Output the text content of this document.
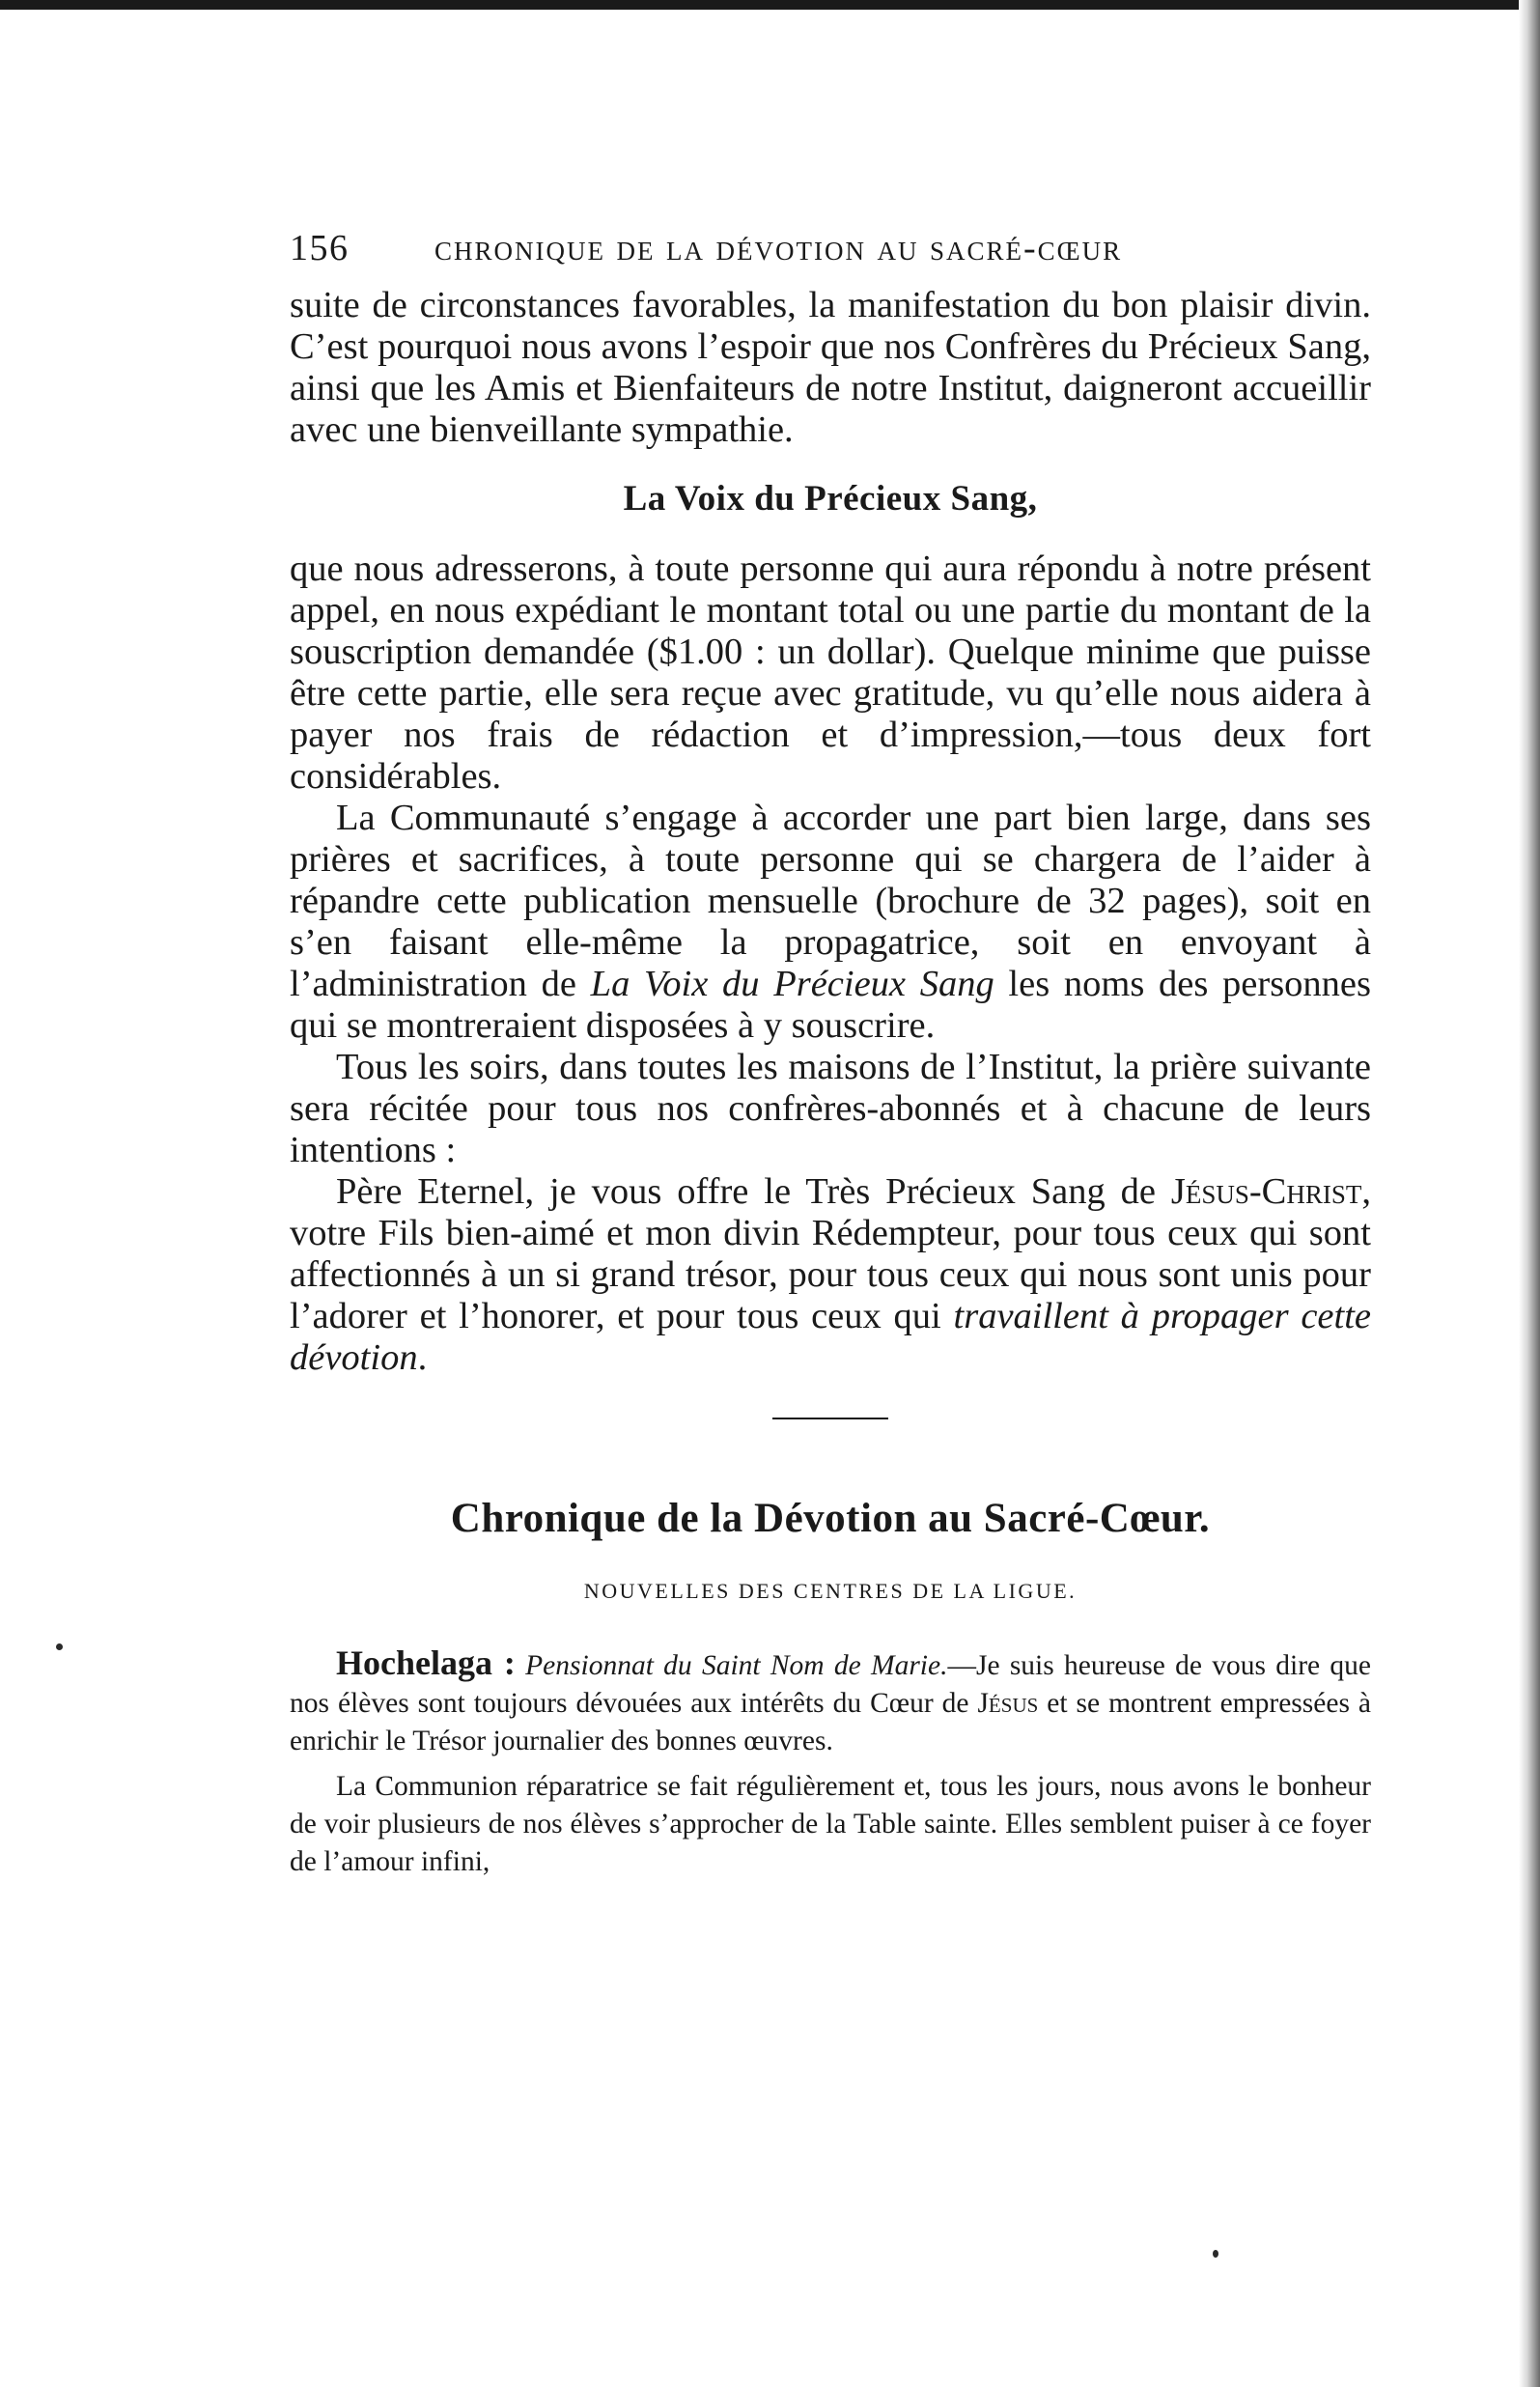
156	chronique de la dévotion au sacré-cœur

suite de circonstances favorables, la manifestation du bon plaisir divin. C’est pourquoi nous avons l’espoir que nos Confrères du Précieux Sang, ainsi que les Amis et Bienfaiteurs de notre Institut, daigneront accueillir avec une bienveillante sympathie.

La Voix du Précieux Sang,

que nous adresserons, à toute personne qui aura répondu à notre présent appel, en nous expédiant le montant total ou une partie du montant de la souscription demandée ($1.00 : un dollar). Quelque minime que puisse être cette partie, elle sera reçue avec gratitude, vu qu’elle nous aidera à payer nos frais de rédaction et d’impression,—tous deux fort considérables.

La Communauté s’engage à accorder une part bien large, dans ses prières et sacrifices, à toute personne qui se chargera de l’aider à répandre cette publication mensuelle (brochure de 32 pages), soit en s’en faisant elle-même la propagatrice, soit en envoyant à l’administration de La Voix du Précieux Sang les noms des personnes qui se montreraient disposées à y souscrire.

Tous les soirs, dans toutes les maisons de l’Institut, la prière suivante sera récitée pour tous nos confrères-abonnés et à chacune de leurs intentions :

Père Eternel, je vous offre le Très Précieux Sang de Jésus-Christ, votre Fils bien-aimé et mon divin Rédempteur, pour tous ceux qui sont affectionnés à un si grand trésor, pour tous ceux qui nous sont unis pour l’adorer et l’honorer, et pour tous ceux qui travaillent à propager cette dévotion.

Chronique de la Dévotion au Sacré-Cœur.
NOUVELLES DES CENTRES DE LA LIGUE.

Hochelaga : Pensionnat du Saint Nom de Marie.—Je suis heureuse de vous dire que nos élèves sont toujours dévouées aux intérêts du Cœur de Jésus et se montrent empressées à enrichir le Trésor journalier des bonnes œuvres.

La Communion réparatrice se fait régulièrement et, tous les jours, nous avons le bonheur de voir plusieurs de nos élèves s’approcher de la Table sainte. Elles semblent puiser à ce foyer de l’amour infini,
